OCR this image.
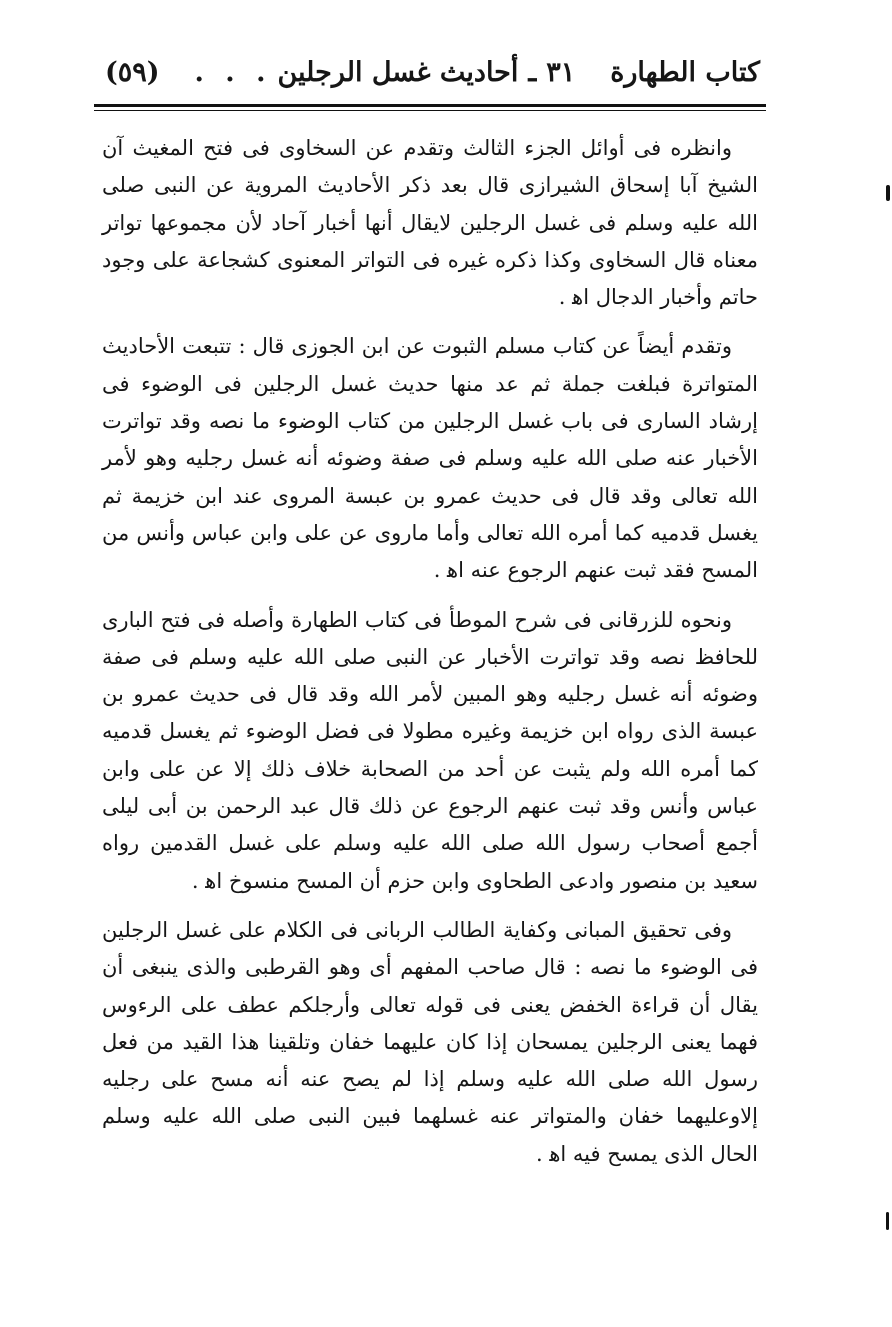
كتاب الطهارة
٣١
ـ
أحاديث غسل الرجلين
. . .
(٥٩)

وانظره فى أوائل الجزء الثالث وتقدم عن السخاوى فى فتح المغيث آن الشيخ آبا إسحاق الشيرازى قال بعد ذكر الأحاديث المروية عن النبى صلى الله عليه وسلم فى غسل الرجلين لايقال أنها أخبار آحاد لأن مجموعها تواتر معناه قال السخاوى وكذا ذكره غيره فى التواتر المعنوى كشجاعة على وجود حاتم وأخبار الدجال اﻫ .

وتقدم أيضاً عن كتاب مسلم الثبوت عن ابن الجوزى قال : تتبعت الأحاديث المتواترة فبلغت جملة ثم عد منها حديث غسل الرجلين فى الوضوء فى إرشاد السارى فى باب غسل الرجلين من كتاب الوضوء ما نصه وقد تواترت الأخبار عنه صلى الله عليه وسلم فى صفة وضوئه أنه غسل رجليه وهو لأمر الله تعالى وقد قال فى حديث عمرو بن عبسة المروى عند ابن خزيمة ثم يغسل قدميه كما أمره الله تعالى وأما ماروى عن على وابن عباس وأنس من المسح فقد ثبت عنهم الرجوع عنه اﻫ .

ونحوه للزرقانى فى شرح الموطأ فى كتاب الطهارة وأصله فى فتح البارى للحافظ نصه وقد تواترت الأخبار عن النبى صلى الله عليه وسلم فى صفة وضوئه أنه غسل رجليه وهو المبين لأمر الله وقد قال فى حديث عمرو بن عبسة الذى رواه ابن خزيمة وغيره مطولا فى فضل الوضوء ثم يغسل قدميه كما أمره الله ولم يثبت عن أحد من الصحابة خلاف ذلك إلا عن على وابن عباس وأنس وقد ثبت عنهم الرجوع عن ذلك قال عبد الرحمن بن أبى ليلى أجمع أصحاب رسول الله صلى الله عليه وسلم على غسل القدمين رواه سعيد بن منصور وادعى الطحاوى وابن حزم أن المسح منسوخ اﻫ .

وفى تحقيق المبانى وكفاية الطالب الربانى فى الكلام على غسل الرجلين فى الوضوء ما نصه : قال صاحب المفهم أى وهو القرطبى والذى ينبغى أن يقال أن قراءة الخفض يعنى فى قوله تعالى وأرجلكم عطف على الرءوس فهما يعنى الرجلين يمسحان إذا كان عليهما خفان وتلقينا هذا القيد من فعل رسول الله صلى الله عليه وسلم إذا لم يصح عنه أنه مسح على رجليه إلاوعليهما خفان والمتواتر عنه غسلهما فبين النبى صلى الله عليه وسلم الحال الذى يمسح فيه اﻫ .
